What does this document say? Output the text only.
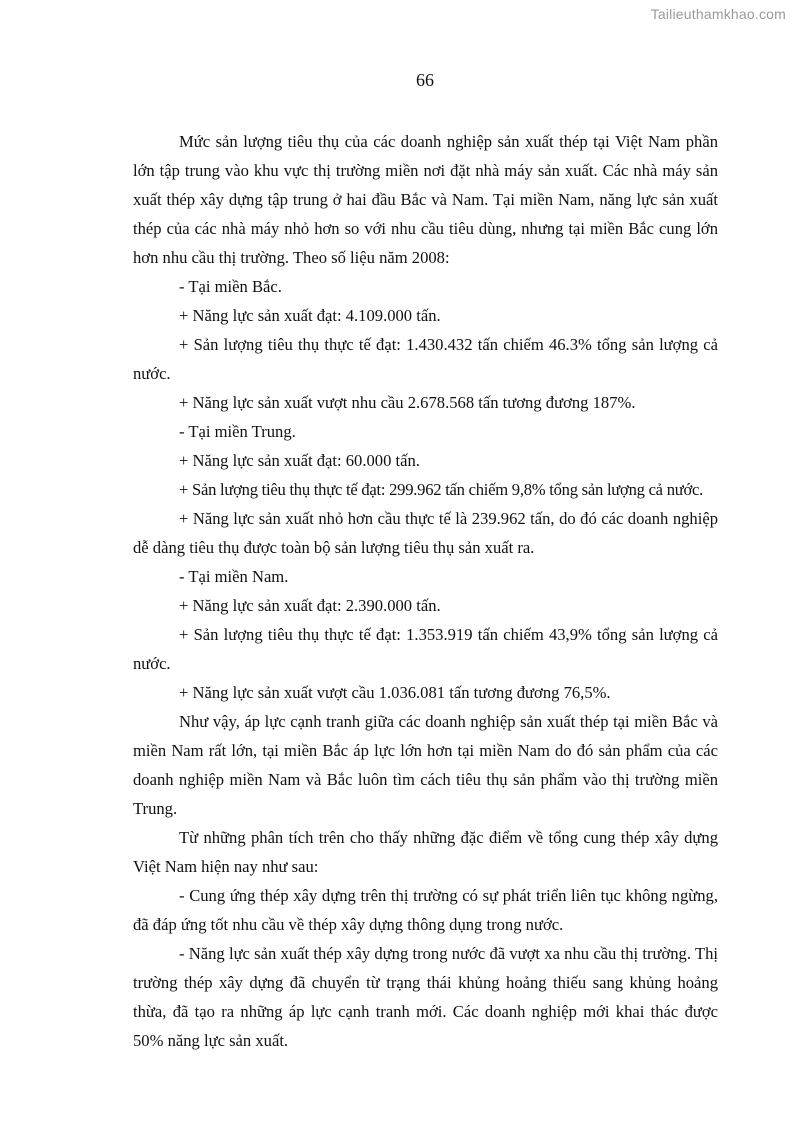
Tailieuthamkhao.com
66

Mức sản lượng tiêu thụ của các doanh nghiệp sản xuất thép tại Việt Nam phần lớn tập trung vào khu vực thị trường miền nơi đặt nhà máy sản xuất. Các nhà máy sản xuất thép xây dựng tập trung ở hai đầu Bắc và Nam. Tại miền Nam, năng lực sản xuất thép của các nhà máy nhỏ hơn so với nhu cầu tiêu dùng, nhưng tại miền Bắc cung lớn hơn nhu cầu thị trường. Theo số liệu năm 2008:

- Tại miền Bắc.

+ Năng lực sản xuất đạt: 4.109.000 tấn.

+ Sản lượng tiêu thụ thực tế đạt: 1.430.432 tấn chiếm 46.3% tổng sản lượng cả nước.

+ Năng lực sản xuất vượt nhu cầu 2.678.568 tấn tương đương 187%.

- Tại miền Trung.

+ Năng lực sản xuất đạt: 60.000 tấn.

+ Sản lượng tiêu thụ thực tế đạt: 299.962 tấn chiếm 9,8% tổng sản lượng cả nước.

+ Năng lực sản xuất nhỏ hơn cầu thực tế là 239.962 tấn, do đó các doanh nghiệp dễ dàng tiêu thụ được toàn bộ sản lượng tiêu thụ sản xuất ra.

- Tại miền Nam.

+ Năng lực sản xuất đạt: 2.390.000 tấn.

+ Sản lượng tiêu thụ thực tế đạt: 1.353.919 tấn chiếm 43,9% tổng sản lượng cả nước.

+ Năng lực sản xuất vượt cầu 1.036.081 tấn tương đương 76,5%.

Như vậy, áp lực cạnh tranh giữa các doanh nghiệp sản xuất thép tại miền Bắc và miền Nam rất lớn, tại miền Bắc áp lực lớn hơn tại miền Nam do đó sản phẩm của các doanh nghiệp miền Nam và Bắc luôn tìm cách tiêu thụ sản phẩm vào thị trường miền Trung.

Từ những phân tích trên cho thấy những đặc điểm về tổng cung thép xây dựng Việt Nam hiện nay như sau:

- Cung ứng thép xây dựng trên thị trường có sự phát triển liên tục không ngừng, đã đáp ứng tốt nhu cầu về thép xây dựng thông dụng trong nước.

- Năng lực sản xuất thép xây dựng trong nước đã vượt xa nhu cầu thị trường. Thị trường thép xây dựng đã chuyển từ trạng thái khủng hoảng thiếu sang khủng hoảng thừa, đã tạo ra những áp lực cạnh tranh mới. Các doanh nghiệp mới khai thác được 50% năng lực sản xuất.
